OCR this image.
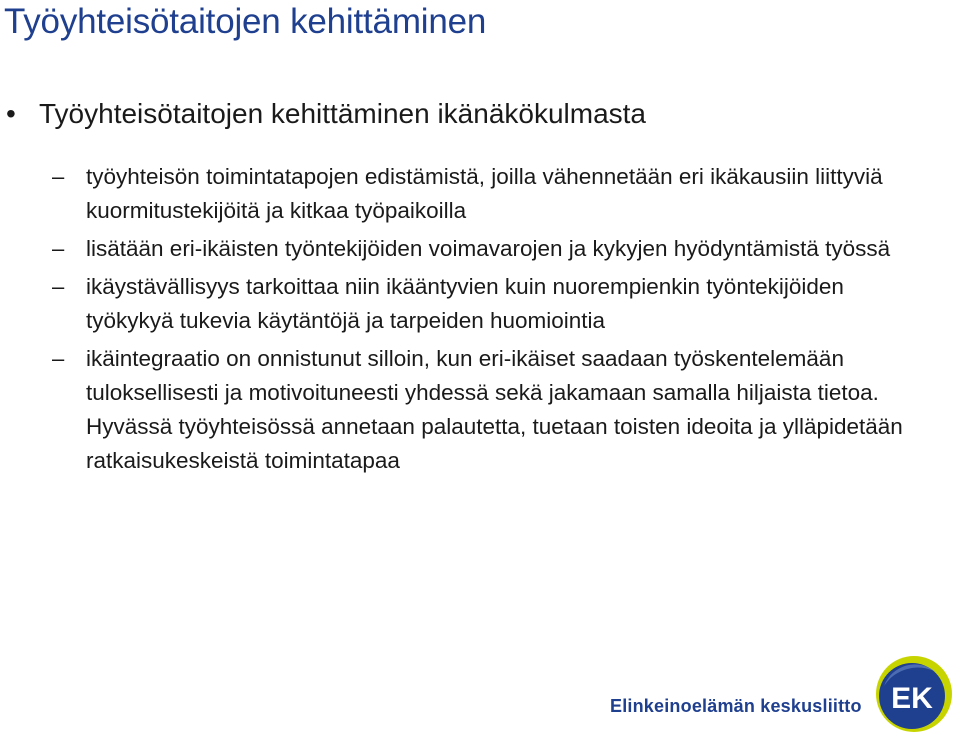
Työyhteisötaitojen kehittäminen
• Työyhteisötaitojen kehittäminen ikänäkökulmasta
– työyhteisön toimintatapojen edistämistä, joilla vähennetään eri ikäkausiin liittyviä kuormitustekijöitä ja kitkaa työpaikoilla
– lisätään eri-ikäisten työntekijöiden voimavarojen ja kykyjen hyödyntämistä työssä
– ikäystävällisyys tarkoittaa niin ikääntyvien kuin nuorempienkin työntekijöiden työkykyä tukevia käytäntöjä ja tarpeiden huomiointia
– ikäintegraatio on onnistunut silloin, kun eri-ikäiset saadaan työskentelemään tuloksellisesti ja motivoituneesti yhdessä sekä jakamaan samalla hiljaista tietoa. Hyvässä työyhteisössä annetaan palautetta, tuetaan toisten ideoita ja ylläpidetään ratkaisukeskeistä toimintatapaa
Elinkeinoelämän keskusliitto EK
